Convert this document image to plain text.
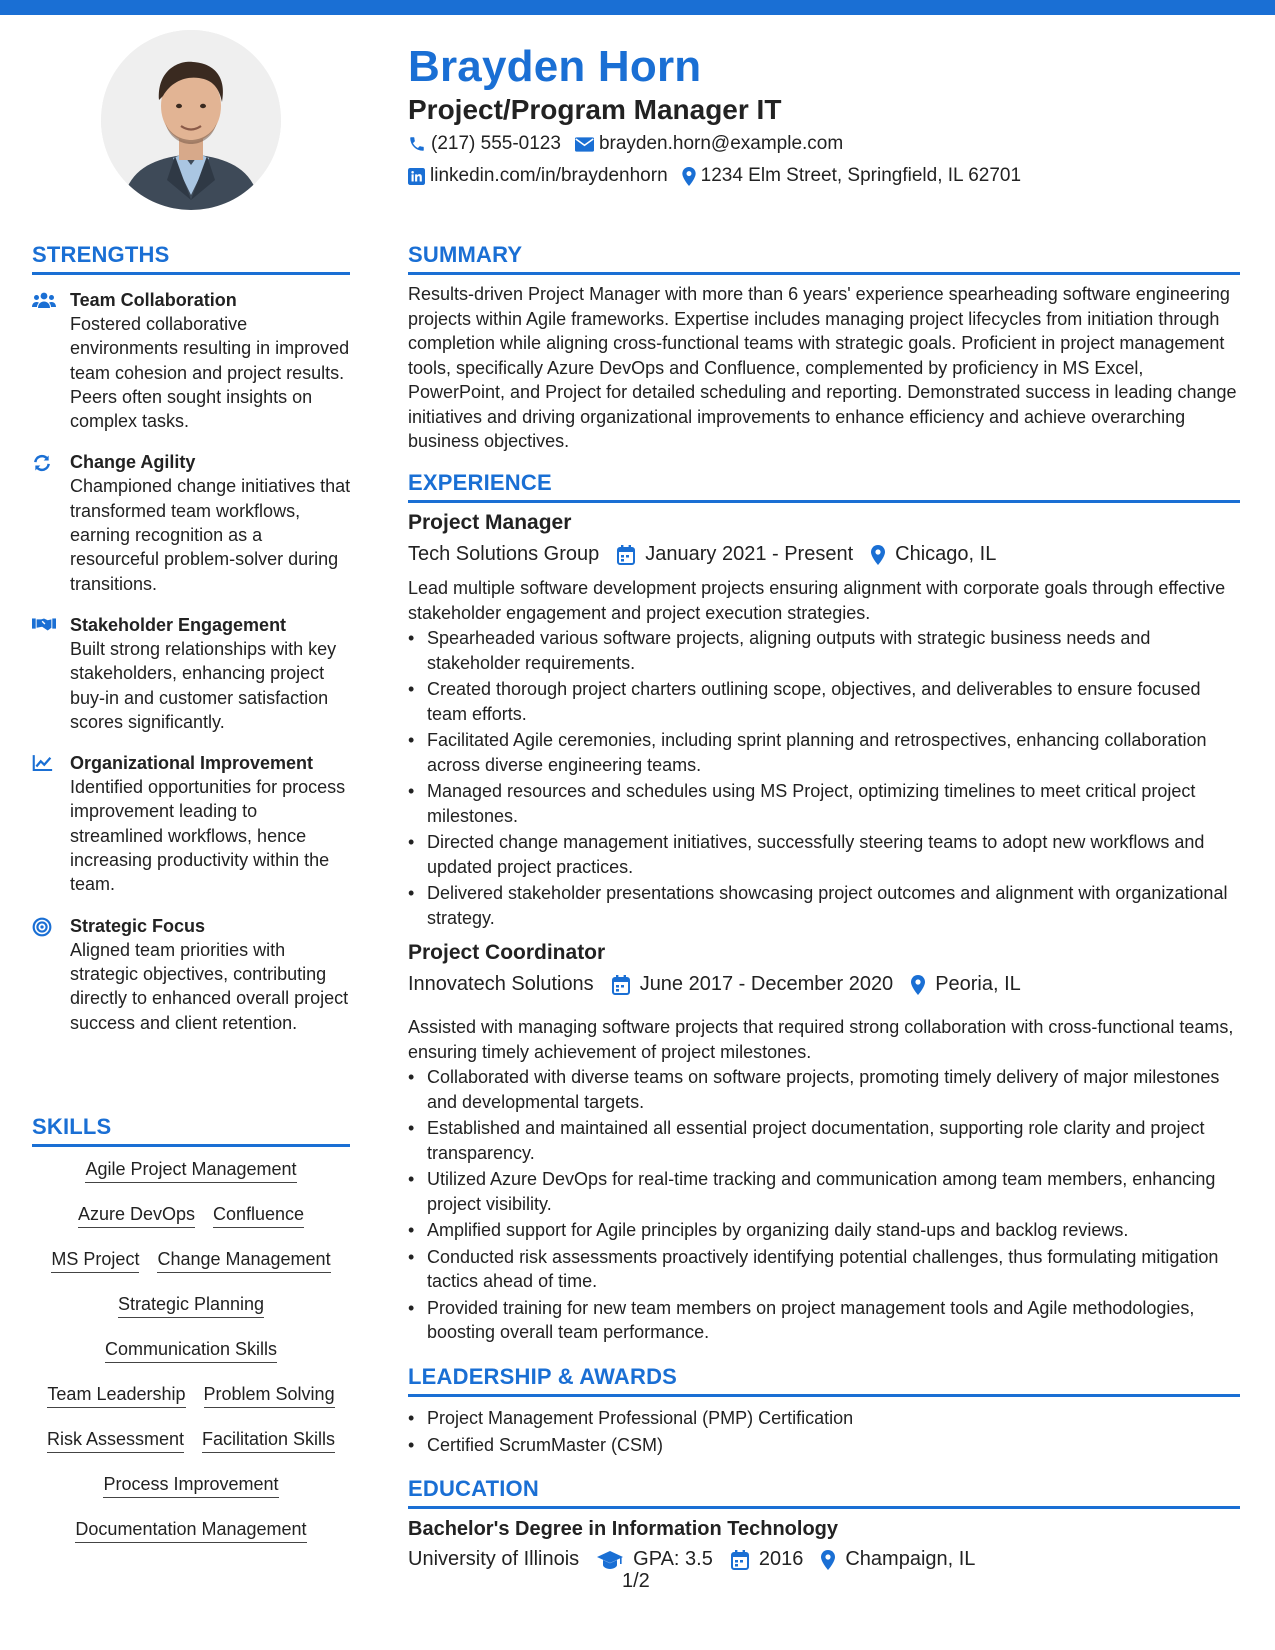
Brayden Horn
Project/Program Manager IT
(217) 555-0123 brayden.horn@example.com
linkedin.com/in/braydenhorn 1234 Elm Street, Springfield, IL 62701
STRENGTHS
Team Collaboration
Fostered collaborative environments resulting in improved team cohesion and project results. Peers often sought insights on complex tasks.
Change Agility
Championed change initiatives that transformed team workflows, earning recognition as a resourceful problem-solver during transitions.
Stakeholder Engagement
Built strong relationships with key stakeholders, enhancing project buy-in and customer satisfaction scores significantly.
Organizational Improvement
Identified opportunities for process improvement leading to streamlined workflows, hence increasing productivity within the team.
Strategic Focus
Aligned team priorities with strategic objectives, contributing directly to enhanced overall project success and client retention.
SKILLS
Agile Project Management
Azure DevOps Confluence
MS Project Change Management
Strategic Planning
Communication Skills
Team Leadership Problem Solving
Risk Assessment Facilitation Skills
Process Improvement
Documentation Management
SUMMARY

Results-driven Project Manager with more than 6 years' experience spearheading software engineering projects within Agile frameworks. Expertise includes managing project lifecycles from initiation through completion while aligning cross-functional teams with strategic goals. Proficient in project management tools, specifically Azure DevOps and Confluence, complemented by proficiency in MS Excel, PowerPoint, and Project for detailed scheduling and reporting. Demonstrated success in leading change initiatives and driving organizational improvements to enhance efficiency and achieve overarching business objectives.

EXPERIENCE
Project Manager
Tech Solutions Group January 2021 - Present Chicago, IL

Lead multiple software development projects ensuring alignment with corporate goals through effective stakeholder engagement and project execution strategies.

• Spearheaded various software projects, aligning outputs with strategic business needs and stakeholder requirements.
• Created thorough project charters outlining scope, objectives, and deliverables to ensure focused team efforts.
• Facilitated Agile ceremonies, including sprint planning and retrospectives, enhancing collaboration across diverse engineering teams.
• Managed resources and schedules using MS Project, optimizing timelines to meet critical project milestones.
• Directed change management initiatives, successfully steering teams to adopt new workflows and updated project practices.
• Delivered stakeholder presentations showcasing project outcomes and alignment with organizational strategy.
Project Coordinator
Innovatech Solutions June 2017 - December 2020 Peoria, IL

Assisted with managing software projects that required strong collaboration with cross-functional teams, ensuring timely achievement of project milestones.

• Collaborated with diverse teams on software projects, promoting timely delivery of major milestones and developmental targets.
• Established and maintained all essential project documentation, supporting role clarity and project transparency.
• Utilized Azure DevOps for real-time tracking and communication among team members, enhancing project visibility.
• Amplified support for Agile principles by organizing daily stand-ups and backlog reviews.
• Conducted risk assessments proactively identifying potential challenges, thus formulating mitigation tactics ahead of time.
• Provided training for new team members on project management tools and Agile methodologies, boosting overall team performance.
LEADERSHIP & AWARDS
• Project Management Professional (PMP) Certification
• Certified ScrumMaster (CSM)
EDUCATION
Bachelor's Degree in Information Technology
University of Illinois	GPA: 3.5 2016 Champaign, IL
1/2
